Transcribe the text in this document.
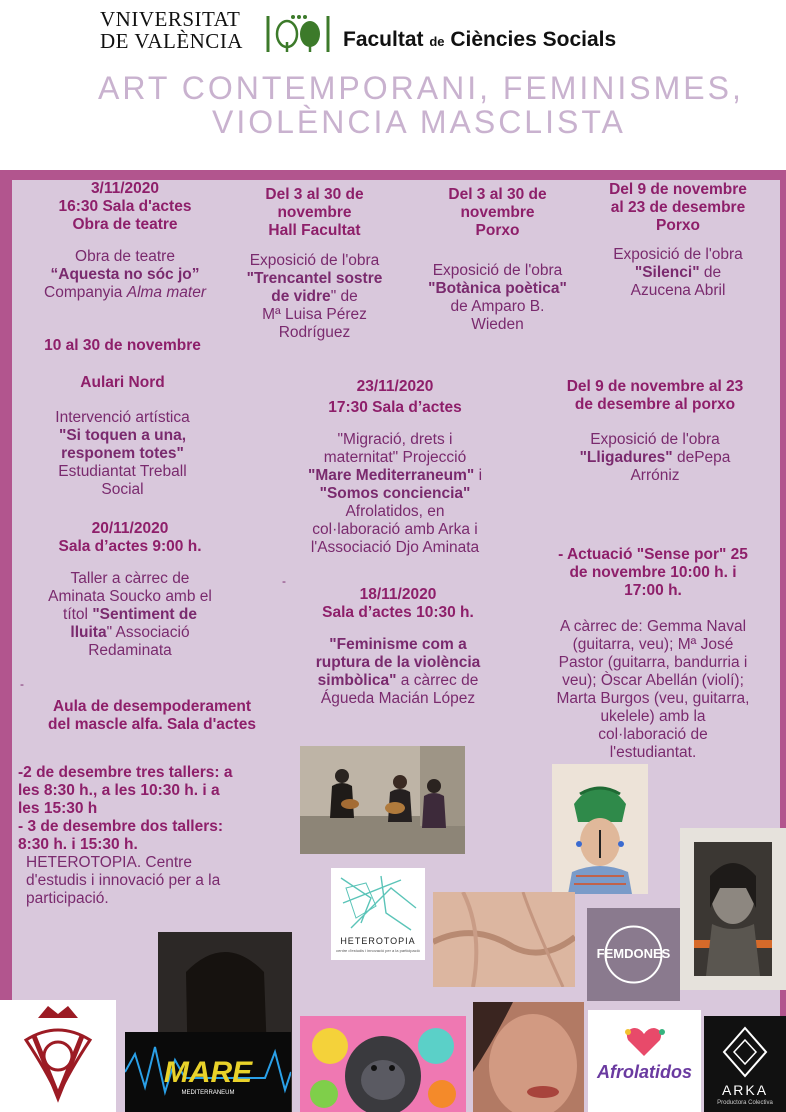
VNIVERSITAT
DE VALÈNCIA	Facultat de Ciències Socials
ART CONTEMPORANI, FEMINISMES,
VIOLÈNCIA MASCLISTA
3/11/2020
16:30 Sala d'actes
Obra de teatre
Obra de teatre
“Aquesta no sóc jo”
Companyia Alma mater
Del 3 al 30 de
novembre
Hall Facultat
Exposició de l'obra
"Trencantel sostre
de vidre" de
Mª Luisa Pérez
Rodríguez
Del 3 al 30 de
novembre
Porxo
Exposició de l'obra
"Botànica poètica"
de Amparo B.
Wieden
Del 9 de novembre
al 23 de desembre
Porxo
Exposició de l'obra
"Silenci" de
Azucena Abril
10 al 30 de novembre
Aulari Nord
Intervenció artística
"Si toquen a una,
responem totes"
Estudiantat Treball
Social
23/11/2020
17:30 Sala d’actes
"Migració, drets i
maternitat" Projecció
"Mare Mediterraneum" i
"Somos conciencia"
Afrolatidos, en
col·laboració amb Arka i
l'Associació Djo Aminata
Del 9 de novembre al 23
de desembre al porxo
Exposició de l'obra
"Lligadures" dePepa
Arróniz
20/11/2020
Sala d’actes 9:00 h.
Taller a càrrec de
Aminata Soucko amb el
títol "Sentiment de
lluita" Associació
Redaminata
18/11/2020
Sala d’actes 10:30 h.
"Feminisme com a
ruptura de la violència
simbòlica" a càrrec de
Águeda Macián López
- Actuació "Sense por" 25
de novembre 10:00 h. i
17:00 h.
A càrrec de: Gemma Naval
(guitarra, veu); Mª José
Pastor (guitarra, bandurria i
veu); Òscar Abellán (violí);
Marta Burgos (veu, guitarra,
ukelele) amb la
col·laboració de
l'estudiantat.
Aula de desempoderament
del mascle alfa. Sala d'actes
-2 de desembre tres tallers: a
les 8:30 h., a les 10:30 h. i a
les 15:30 h
- 3 de desembre dos tallers:
8:30 h. i 15:30 h.
HETEROTOPIA. Centre
d'estudis i innovació per a la
participació.
-
-
HETEROTOPIA
centre d'estudis i innovació per a la participació	FEMDONES
MARE
MEDITERRANEUM
Afrolatidos
ARKA
Productora Colectiva
